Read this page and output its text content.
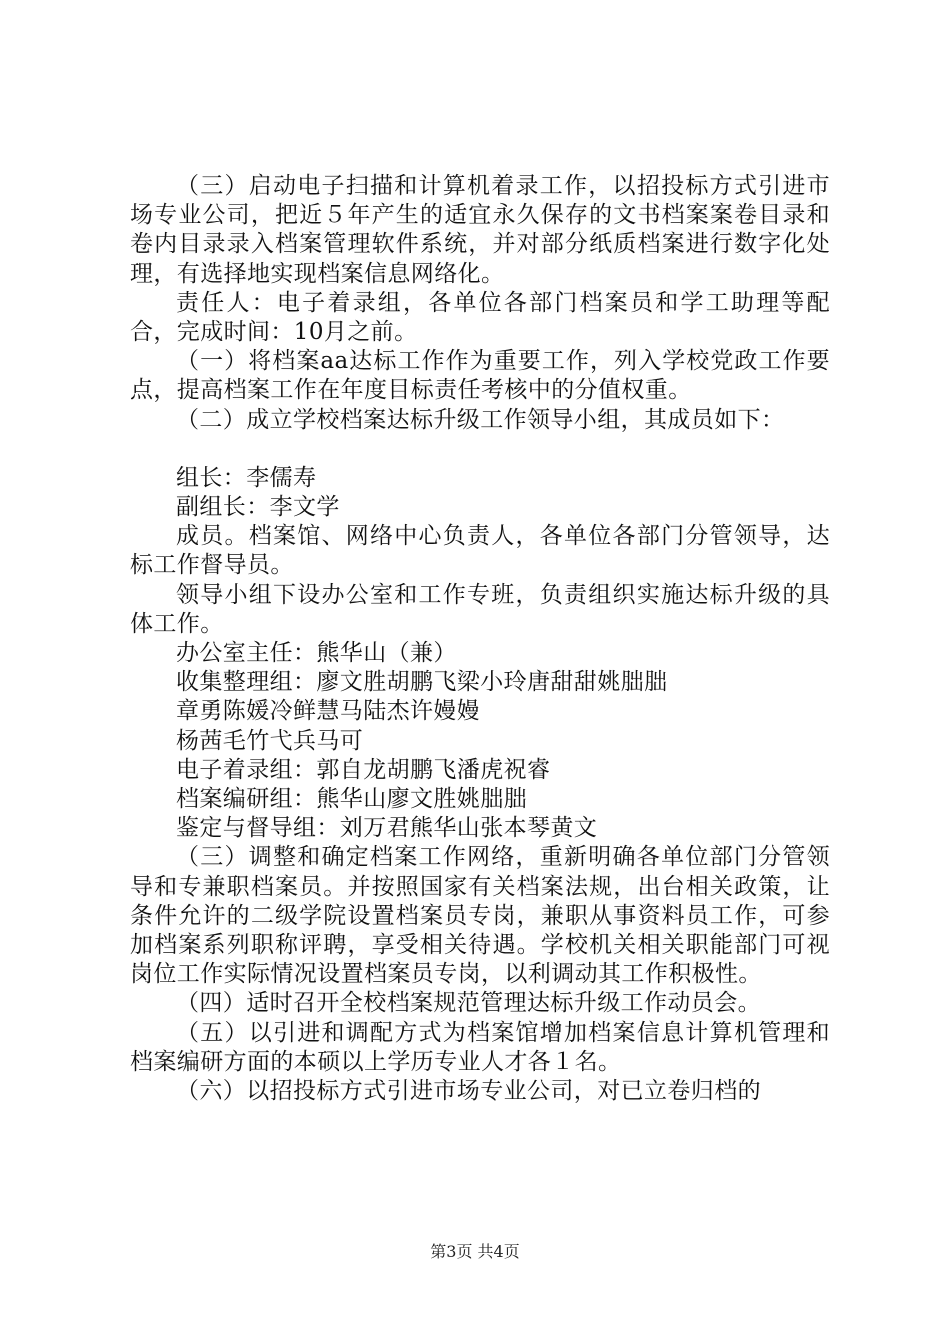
（三）启动电子扫描和计算机着录工作，以招投标方式引进市场专业公司，把近５年产生的适宜永久保存的文书档案案卷目录和卷内目录录入档案管理软件系统，并对部分纸质档案进行数字化处理，有选择地实现档案信息网络化。

责任人：电子着录组，各单位各部门档案员和学工助理等配合，完成时间：10月之前。

（一）将档案aa达标工作作为重要工作，列入学校党政工作要点，提高档案工作在年度目标责任考核中的分值权重。

（二）成立学校档案达标升级工作领导小组，其成员如下：

组长：李儒寿

副组长：李文学

成员。档案馆、网络中心负责人，各单位各部门分管领导，达标工作督导员。

领导小组下设办公室和工作专班，负责组织实施达标升级的具体工作。

办公室主任：熊华山（兼）

收集整理组：廖文胜胡鹏飞梁小玲唐甜甜姚朏朏

章勇陈媛冷鲜慧马陆杰许嫚嫚

杨茜毛竹弋兵马可

电子着录组：郭自龙胡鹏飞潘虎祝睿

档案编研组：熊华山廖文胜姚朏朏

鉴定与督导组：刘万君熊华山张本琴黄文

（三）调整和确定档案工作网络，重新明确各单位部门分管领导和专兼职档案员。并按照国家有关档案法规，出台相关政策，让条件允许的二级学院设置档案员专岗，兼职从事资料员工作，可参加档案系列职称评聘，享受相关待遇。学校机关相关职能部门可视岗位工作实际情况设置档案员专岗，以利调动其工作积极性。

（四）适时召开全校档案规范管理达标升级工作动员会。

（五）以引进和调配方式为档案馆增加档案信息计算机管理和档案编研方面的本硕以上学历专业人才各１名。

（六）以招投标方式引进市场专业公司，对已立卷归档的

第3页 共4页
